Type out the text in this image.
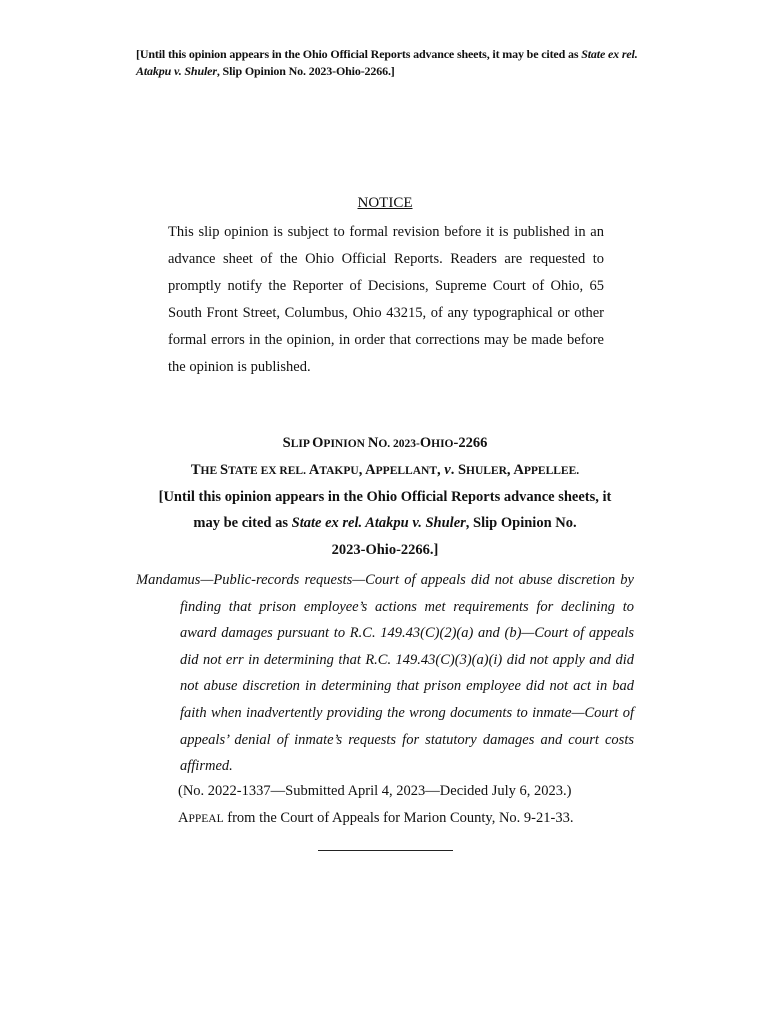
[Until this opinion appears in the Ohio Official Reports advance sheets, it may be cited as State ex rel. Atakpu v. Shuler, Slip Opinion No. 2023-Ohio-2266.]
NOTICE
This slip opinion is subject to formal revision before it is published in an advance sheet of the Ohio Official Reports. Readers are requested to promptly notify the Reporter of Decisions, Supreme Court of Ohio, 65 South Front Street, Columbus, Ohio 43215, of any typographical or other formal errors in the opinion, in order that corrections may be made before the opinion is published.
SLIP OPINION NO. 2023-OHIO-2266
THE STATE EX REL. ATAKPU, APPELLANT, v. SHULER, APPELLEE.
[Until this opinion appears in the Ohio Official Reports advance sheets, it
may be cited as State ex rel. Atakpu v. Shuler, Slip Opinion No.
2023-Ohio-2266.]
Mandamus—Public-records requests—Court of appeals did not abuse discretion by finding that prison employee’s actions met requirements for declining to award damages pursuant to R.C. 149.43(C)(2)(a) and (b)—Court of appeals did not err in determining that R.C. 149.43(C)(3)(a)(i) did not apply and did not abuse discretion in determining that prison employee did not act in bad faith when inadvertently providing the wrong documents to inmate—Court of appeals’ denial of inmate’s requests for statutory damages and court costs affirmed.
(No. 2022-1337—Submitted April 4, 2023—Decided July 6, 2023.)
APPEAL from the Court of Appeals for Marion County, No. 9-21-33.
